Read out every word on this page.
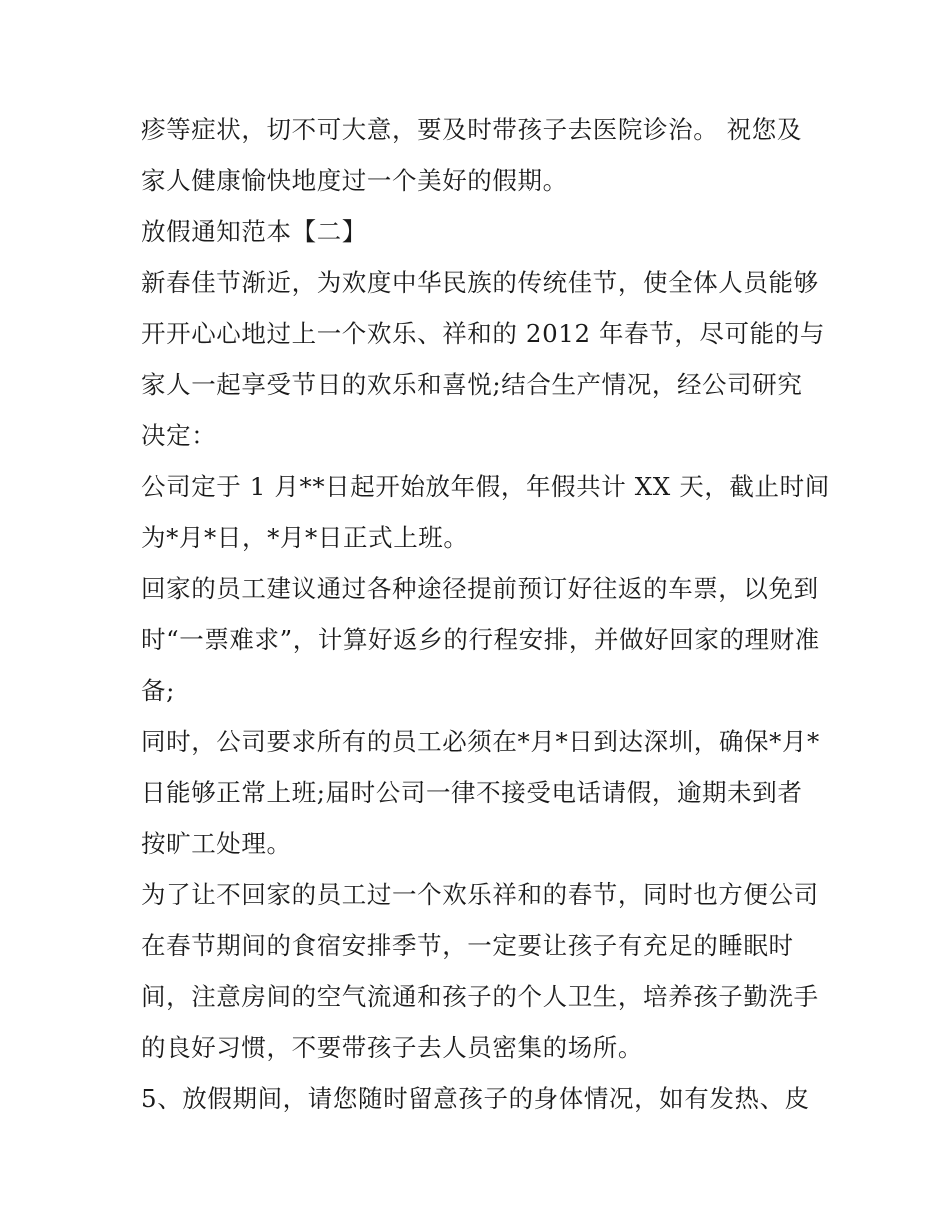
疹等症状，切不可大意，要及时带孩子去医院诊治。 祝您及
家人健康愉快地度过一个美好的假期。
放假通知范本【二】
新春佳节渐近，为欢度中华民族的传统佳节，使全体人员能够
开开心心地过上一个欢乐、祥和的 2012 年春节，尽可能的与
家人一起享受节日的欢乐和喜悦;结合生产情况，经公司研究
决定：
公司定于 1 月**日起开始放年假，年假共计 XX 天，截止时间
为*月*日，*月*日正式上班。
回家的员工建议通过各种途径提前预订好往返的车票，以免到
时“一票难求”，计算好返乡的行程安排，并做好回家的理财准
备;
同时，公司要求所有的员工必须在*月*日到达深圳，确保*月*
日能够正常上班;届时公司一律不接受电话请假，逾期未到者
按旷工处理。
为了让不回家的员工过一个欢乐祥和的春节，同时也方便公司
在春节期间的食宿安排季节，一定要让孩子有充足的睡眠时
间，注意房间的空气流通和孩子的个人卫生，培养孩子勤洗手
的良好习惯，不要带孩子去人员密集的场所。
5、放假期间，请您随时留意孩子的身体情况，如有发热、皮
